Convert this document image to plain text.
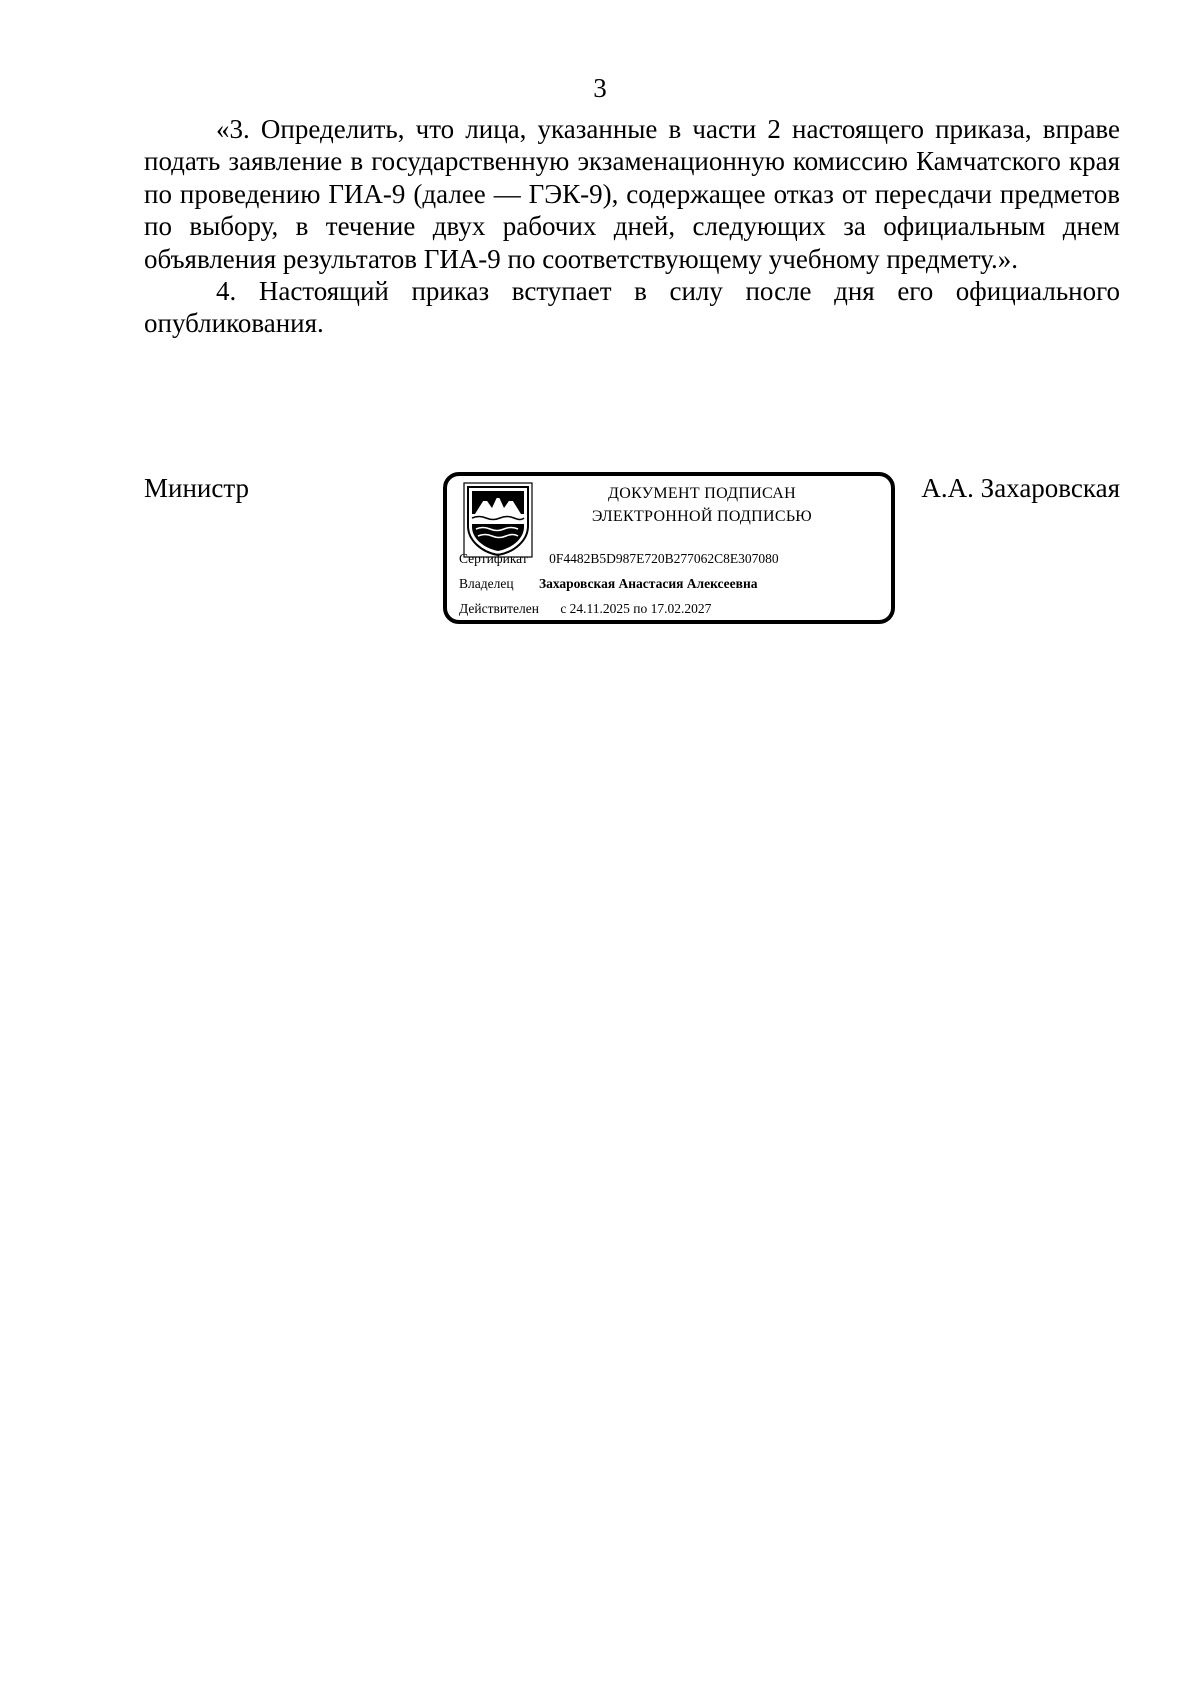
3

«3. Определить, что лица, указанные в части 2 настоящего приказа, вправе подать заявление в государственную экзаменационную комиссию Камчатского края по проведению ГИА-9 (далее — ГЭК-9), содержащее отказ от пересдачи предметов по выбору, в течение двух рабочих дней, следующих за официальным днем объявления результатов ГИА-9 по соответствующему учебному предмету.».

4. Настоящий приказ вступает в силу после дня его официального опубликования.

Министр	ДОКУМЕНТ ПОДПИСАН
ЭЛЕКТРОННОЙ ПОДПИСЬЮ
Сертификат 0F4482B5D987E720B277062C8E307080
Владелец Захаровская Анастасия Алексеевна
Действителен с 24.11.2025 по 17.02.2027
А.А. Захаровская
